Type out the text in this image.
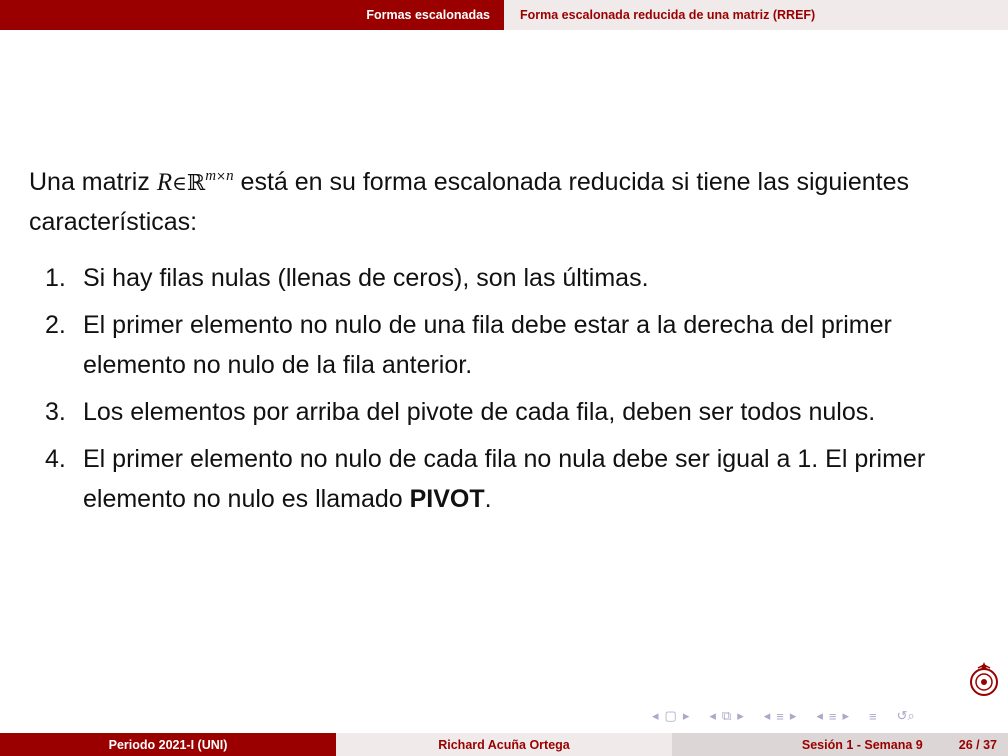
Formas escalonadas	Forma escalonada reducida de una matriz (RREF)
Una matriz R∈ℝ$^{m\times n}$ está en su forma escalonada reducida si tiene las siguientes características:
1. Si hay filas nulas (llenas de ceros), son las últimas.
2. El primer elemento no nulo de una fila debe estar a la derecha del primer elemento no nulo de la fila anterior.
3. Los elementos por arriba del pivote de cada fila, deben ser todos nulos.
4. El primer elemento no nulo de cada fila no nula debe ser igual a 1. El primer elemento no nulo es llamado PIVOT.
◂ ▢ ▸ ◂ ⧉ ▸ ◂ ≡ ▸ ◂ ≡ ▸ ≡ ↺⌕
Periodo 2021-I (UNI)	Richard Acuña Ortega	Sesión 1 - Semana 9	26 / 37
